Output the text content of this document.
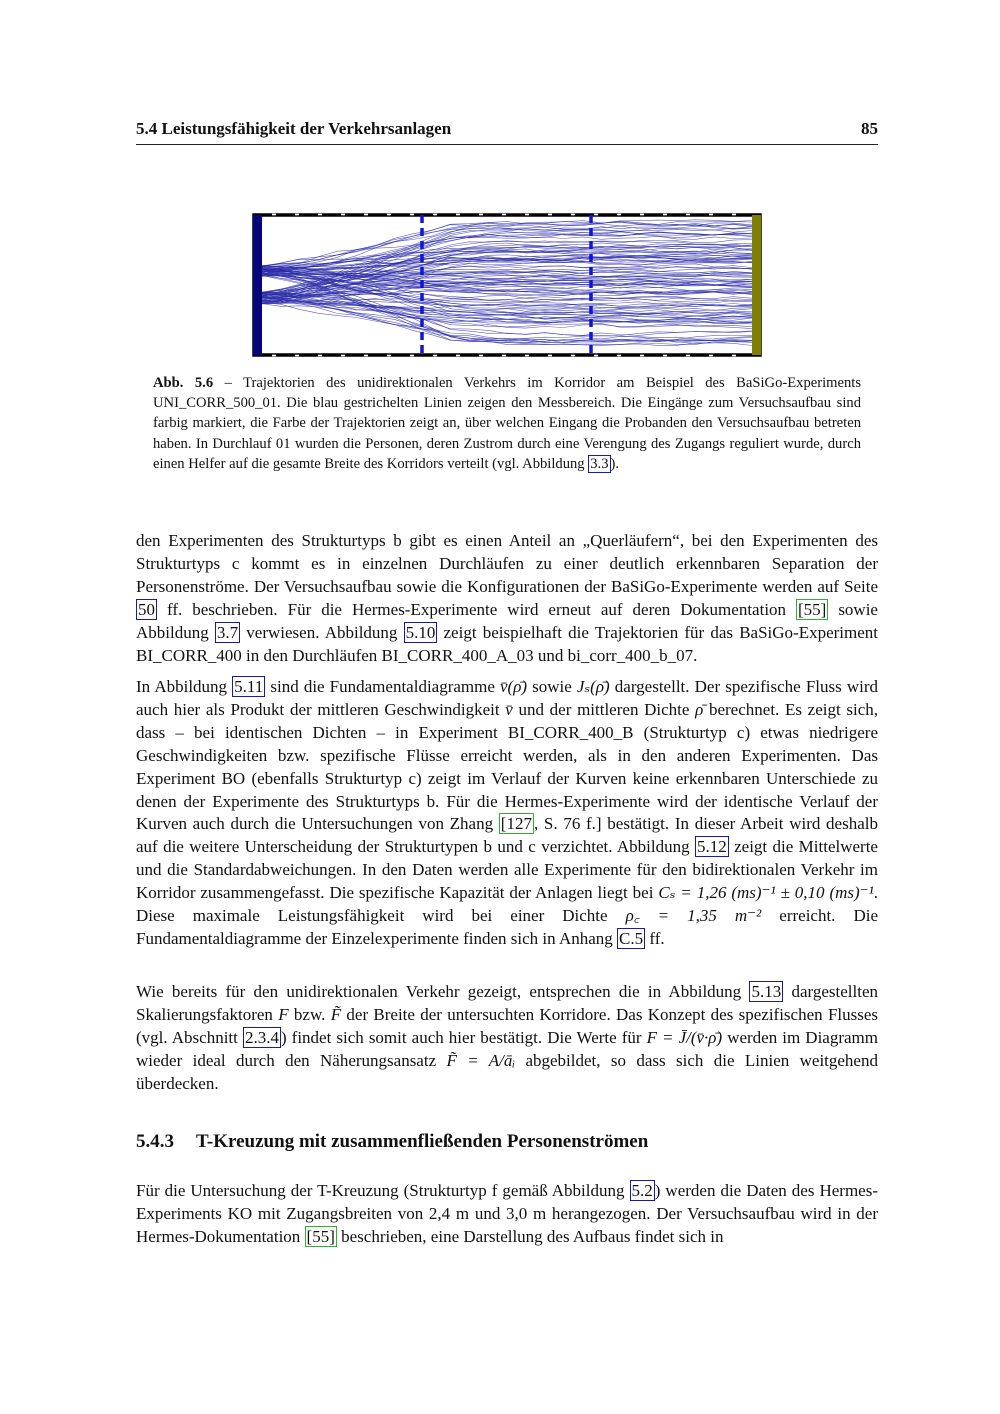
5.4 Leistungsfähigkeit der Verkehrsanlagen	85
Abb. 5.6 – Trajektorien des unidirektionalen Verkehrs im Korridor am Beispiel des BaSiGo-Experiments UNI_CORR_500_01. Die blau gestrichelten Linien zeigen den Messbereich. Die Eingänge zum Versuchsaufbau sind farbig markiert, die Farbe der Trajektorien zeigt an, über welchen Eingang die Probanden den Versuchsaufbau betreten haben. In Durchlauf 01 wurden die Personen, deren Zustrom durch eine Verengung des Zugangs reguliert wurde, durch einen Helfer auf die gesamte Breite des Korridors verteilt (vgl. Abbildung 3.3 ).

den Experimenten des Strukturtyps b gibt es einen Anteil an „Querläufern“, bei den Experimenten des Strukturtyps c kommt es in einzelnen Durchläufen zu einer deutlich erkennbaren Separation der Personenströme. Der Versuchsaufbau sowie die Konfigurationen der BaSiGo-Experimente werden auf Seite 50 ff. beschrieben. Für die Hermes-Experimente wird erneut auf deren Dokumentation [55] sowie Abbildung 3.7 verwiesen. Abbildung 5.10 zeigt beispielhaft die Trajektorien für das BaSiGo-Experiment BI_CORR_400 in den Durchläufen BI_CORR_400_A_03 und bi_corr_400_b_07.

In Abbildung 5.11 sind die Fundamentaldiagramme v̄(ρ̄) sowie Jₛ(ρ̄) dargestellt. Der spezifische Fluss wird auch hier als Produkt der mittleren Geschwindigkeit v̄ und der mittleren Dichte ρ̄ berechnet. Es zeigt sich, dass – bei identischen Dichten – in Experiment BI_CORR_400_B (Strukturtyp c) etwas niedrigere Geschwindigkeiten bzw. spezifische Flüsse erreicht werden, als in den anderen Experimenten. Das Experiment BO (ebenfalls Strukturtyp c) zeigt im Verlauf der Kurven keine erkennbaren Unterschiede zu denen der Experimente des Strukturtyps b. Für die Hermes-Experimente wird der identische Verlauf der Kurven auch durch die Untersuchungen von Zhang [127 , S. 76 f.] bestätigt. In dieser Arbeit wird deshalb auf die weitere Unterscheidung der Strukturtypen b und c verzichtet. Abbildung 5.12 zeigt die Mittelwerte und die Standardabweichungen. In den Daten werden alle Experimente für den bidirektionalen Verkehr im Korridor zusammengefasst. Die spezifische Kapazität der Anlagen liegt bei Cₛ = 1,26 (ms)⁻¹ ± 0,10 (ms)⁻¹. Diese maximale Leistungsfähigkeit wird bei einer Dichte ρ꜀ = 1,35 m⁻² erreicht. Die Fundamentaldiagramme der Einzelexperimente finden sich in Anhang C.5 ff.

Wie bereits für den unidirektionalen Verkehr gezeigt, entsprechen die in Abbildung 5.13 dargestellten Skalierungsfaktoren F bzw. F̃ der Breite der untersuchten Korridore. Das Konzept des spezifischen Flusses (vgl. Abschnitt 2.3.4 ) findet sich somit auch hier bestätigt. Die Werte für F = J̄/(v̄·ρ̄) werden im Diagramm wieder ideal durch den Näherungsansatz F̃ = A/āᵢ abgebildet, so dass sich die Linien weitgehend überdecken.

5.4.3 T-Kreuzung mit zusammenfließenden Personenströmen

Für die Untersuchung der T-Kreuzung (Strukturtyp f gemäß Abbildung 5.2 ) werden die Daten des Hermes-Experiments KO mit Zugangsbreiten von 2,4 m und 3,0 m herangezogen. Der Versuchsaufbau wird in der Hermes-Dokumentation [55] beschrieben, eine Darstellung des Aufbaus findet sich in
